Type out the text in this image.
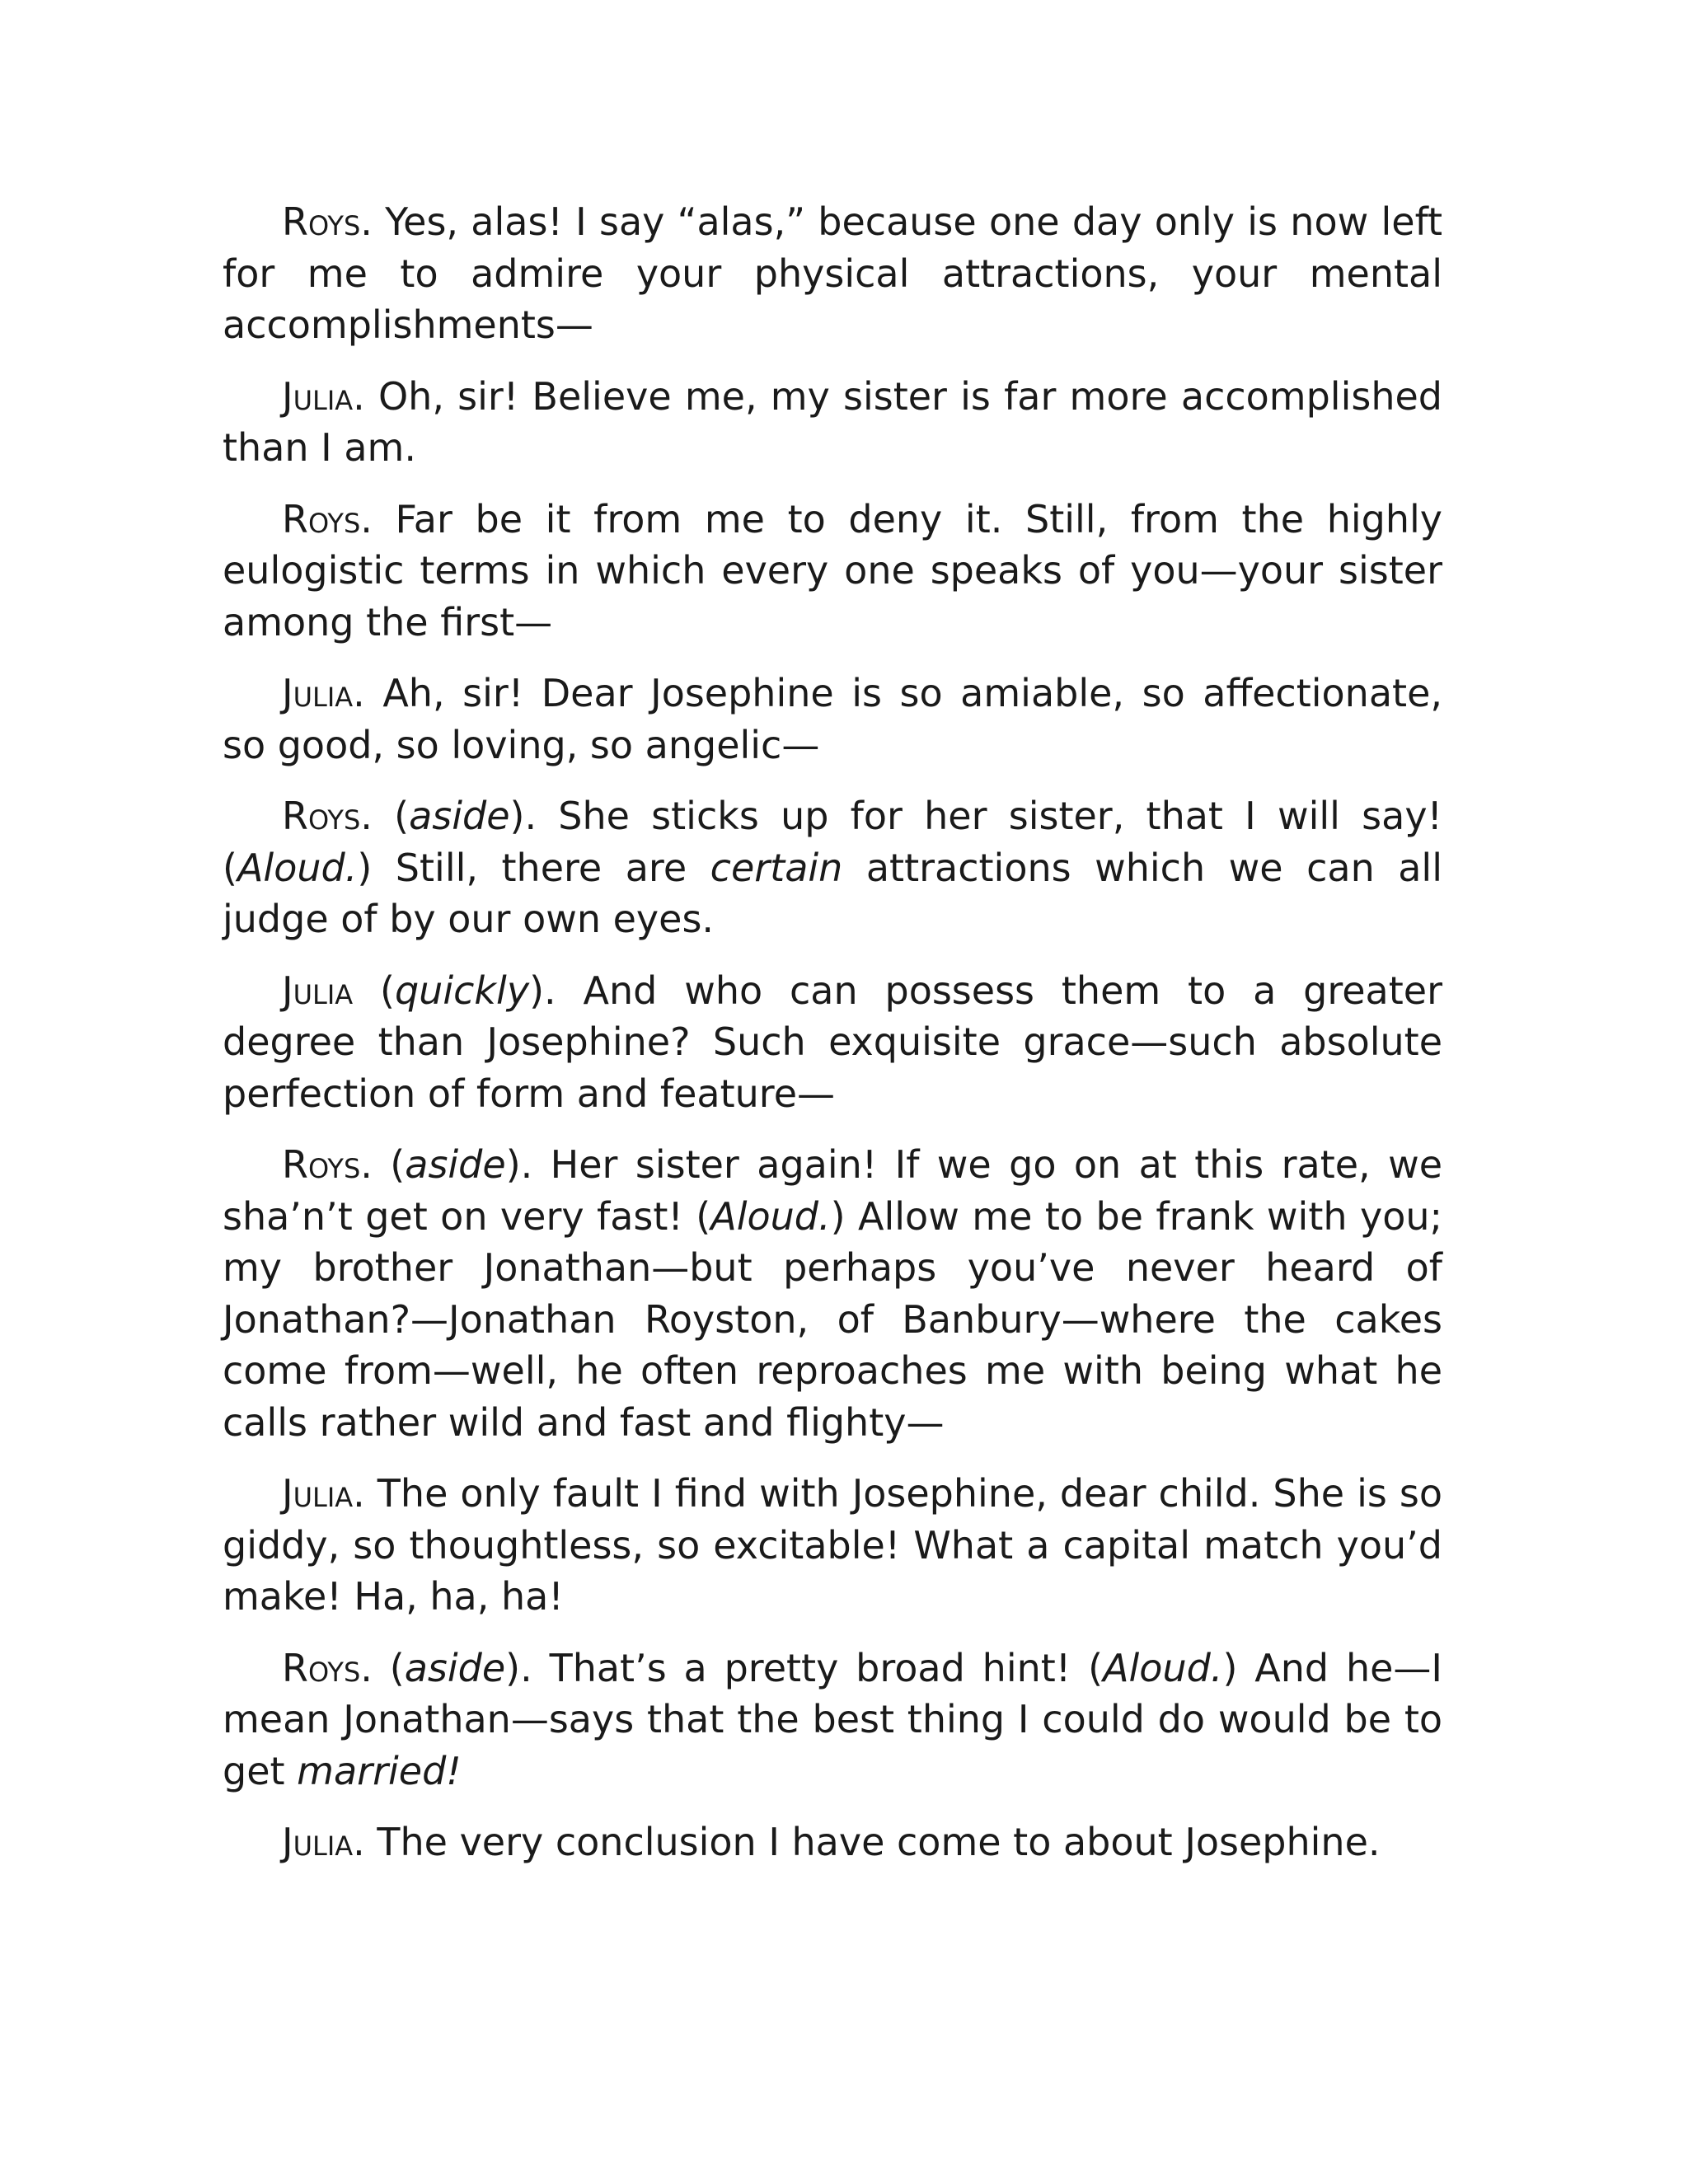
Roys. Yes, alas! I say “alas,” because one day only is now left for me to admire your physical attractions, your mental accomplishments—

Julia. Oh, sir! Believe me, my sister is far more accomplished than I am.

Roys. Far be it from me to deny it. Still, from the highly eulogistic terms in which every one speaks of you—your sister among the first—

Julia. Ah, sir! Dear Josephine is so amiable, so affectionate, so good, so loving, so angelic—

Roys. (aside). She sticks up for her sister, that I will say! (Aloud.) Still, there are certain attractions which we can all judge of by our own eyes.

Julia (quickly). And who can possess them to a greater degree than Josephine? Such exquisite grace—such absolute perfection of form and feature—

Roys. (aside). Her sister again! If we go on at this rate, we sha’n’t get on very fast! (Aloud.) Allow me to be frank with you; my brother Jonathan—but perhaps you’ve never heard of Jonathan?—Jonathan Royston, of Banbury—where the cakes come from—well, he often reproaches me with being what he calls rather wild and fast and flighty—

Julia. The only fault I find with Josephine, dear child. She is so giddy, so thoughtless, so excitable! What a capital match you’d make! Ha, ha, ha!

Roys. (aside). That’s a pretty broad hint! (Aloud.) And he—I mean Jonathan—says that the best thing I could do would be to get married!

Julia. The very conclusion I have come to about Josephine.
